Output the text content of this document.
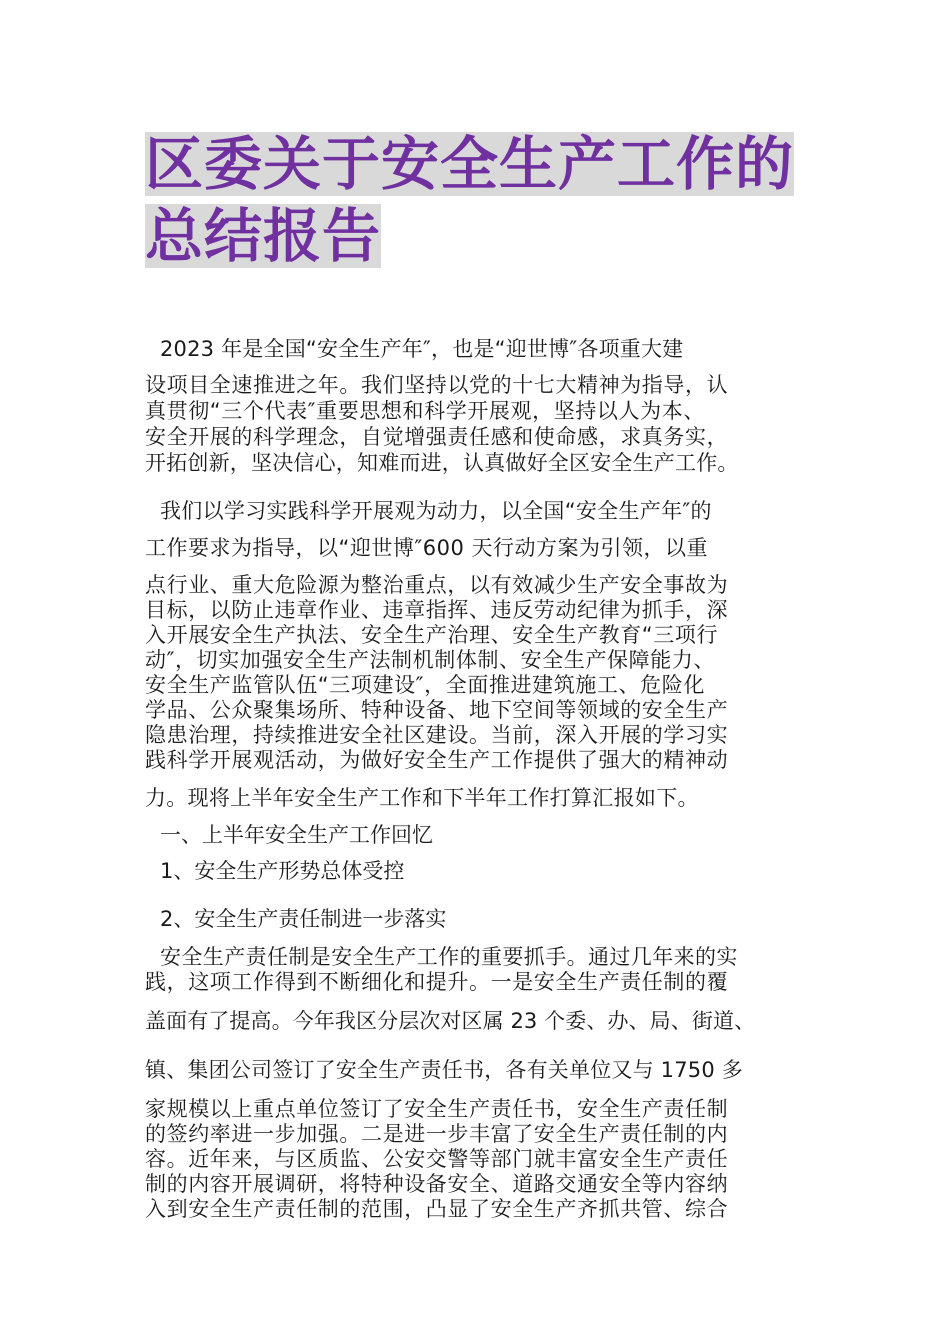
区委关于安全生产工作的
总结报告
2023 年是全国“安全生产年″，也是“迎世博″各项重大建
设项目全速推进之年。我们坚持以党的十七大精神为指导，认
真贯彻“三个代表″重要思想和科学开展观，坚持以人为本、
安全开展的科学理念，自觉增强责任感和使命感，求真务实，
开拓创新，坚决信心，知难而进，认真做好全区安全生产工作。
我们以学习实践科学开展观为动力，以全国“安全生产年″的
工作要求为指导，以“迎世博″600 天行动方案为引领，以重
点行业、重大危险源为整治重点，以有效减少生产安全事故为
目标，以防止违章作业、违章指挥、违反劳动纪律为抓手，深
入开展安全生产执法、安全生产治理、安全生产教育“三项行
动″，切实加强安全生产法制机制体制、安全生产保障能力、
安全生产监管队伍“三项建设″，全面推进建筑施工、危险化
学品、公众聚集场所、特种设备、地下空间等领域的安全生产
隐患治理，持续推进安全社区建设。当前，深入开展的学习实
践科学开展观活动，为做好安全生产工作提供了强大的精神动
力。现将上半年安全生产工作和下半年工作打算汇报如下。
一、上半年安全生产工作回忆
1、安全生产形势总体受控
2、安全生产责任制进一步落实
安全生产责任制是安全生产工作的重要抓手。通过几年来的实
践，这项工作得到不断细化和提升。一是安全生产责任制的覆
盖面有了提高。今年我区分层次对区属 23 个委、办、局、街道、
镇、集团公司签订了安全生产责任书，各有关单位又与 1750 多
家规模以上重点单位签订了安全生产责任书，安全生产责任制
的签约率进一步加强。二是进一步丰富了安全生产责任制的内
容。近年来，与区质监、公安交警等部门就丰富安全生产责任
制的内容开展调研，将特种设备安全、道路交通安全等内容纳
入到安全生产责任制的范围，凸显了安全生产齐抓共管、综合
